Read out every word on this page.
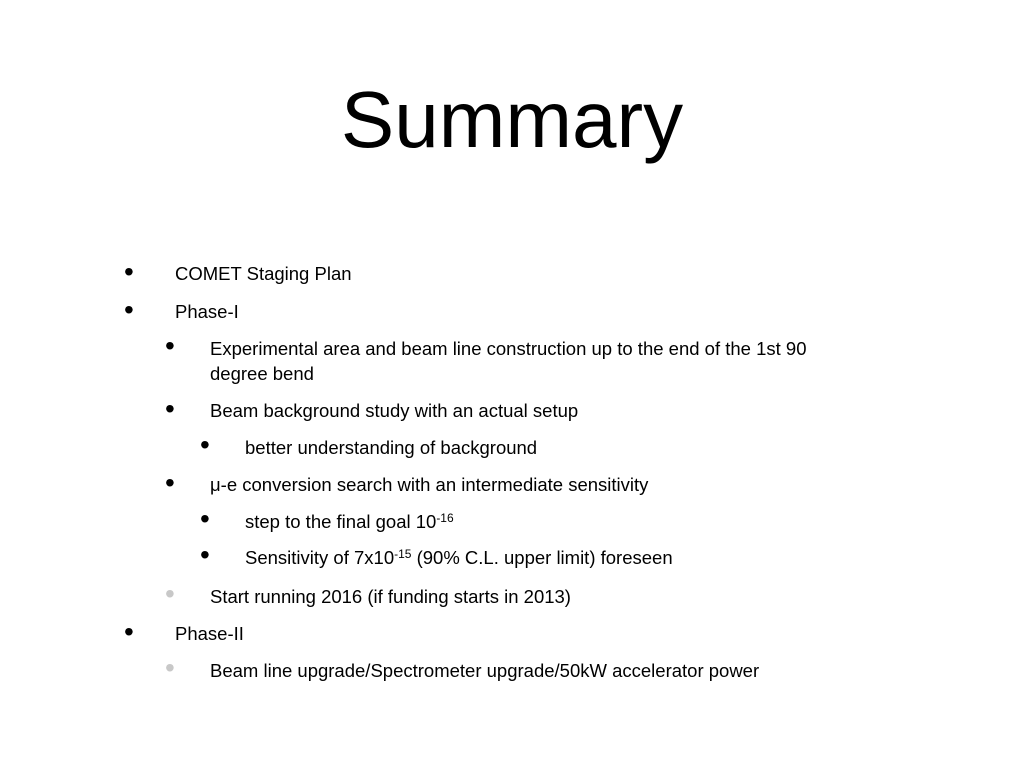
Summary
• COMET Staging Plan
• Phase-I
• Experimental area and beam line construction up to the end of the 1st 90
degree bend
• Beam background study with an actual setup
• better understanding of background
• μ-e conversion search with an intermediate sensitivity
• step to the final goal $10^{-16}$
• Sensitivity of $7x10^{-15}$ (90% C.L. upper limit) foreseen
• Start running 2016 (if funding starts in 2013)
• Phase-II
• Beam line upgrade/Spectrometer upgrade/50kW accelerator power
